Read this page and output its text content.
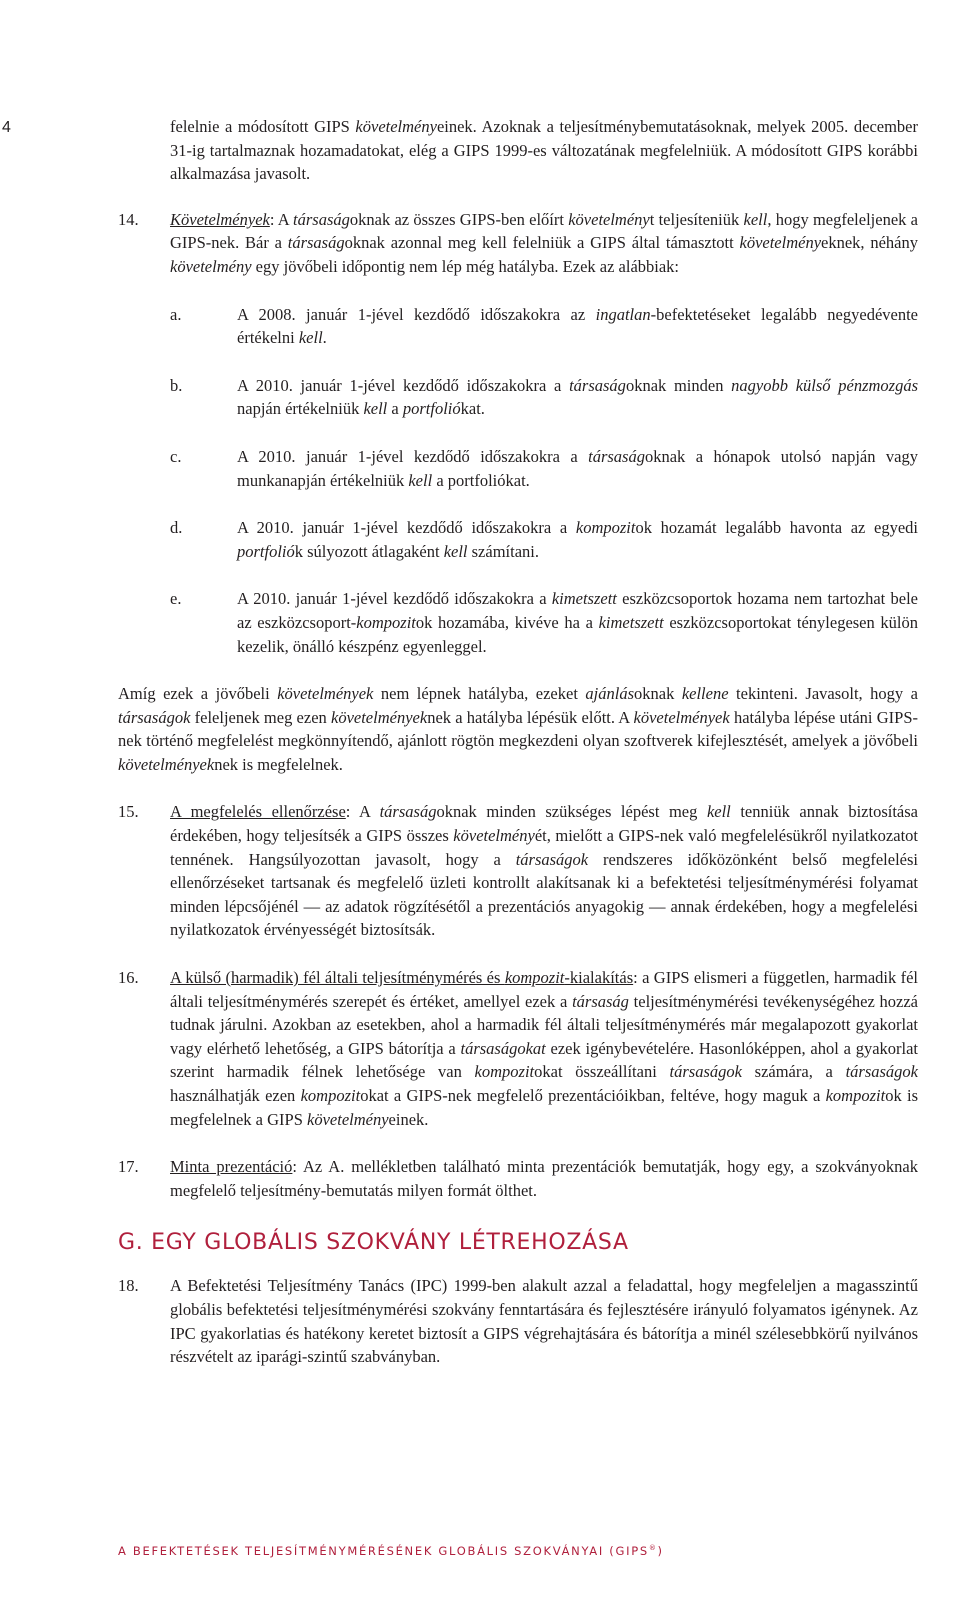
4	felelnie a módosított GIPS követelményeinek. Azoknak a teljesítménybemutatásoknak, melyek 2005. december 31-ig tartalmaznak hozamadatokat, elég a GIPS 1999-es változatának megfelelniük. A módosított GIPS korábbi alkalmazása javasolt.

14.	Követelmények: A társaságoknak az összes GIPS-ben előírt követelményt teljesíteniük kell, hogy megfeleljenek a GIPS-nek. Bár a társaságoknak azonnal meg kell felelniük a GIPS által támasztott követelményeknek, néhány követelmény egy jövőbeli időpontig nem lép még hatályba. Ezek az alábbiak:

a.	A 2008. január 1-jével kezdődő időszakokra az ingatlan-befektetéseket legalább negyedévente értékelni kell.

b.	A 2010. január 1-jével kezdődő időszakokra a társaságoknak minden nagyobb külső pénzmozgás napján értékelniük kell a portfoliókat.

c.	A 2010. január 1-jével kezdődő időszakokra a társaságoknak a hónapok utolsó napján vagy munkanapján értékelniük kell a portfoliókat.

d.	A 2010. január 1-jével kezdődő időszakokra a kompozitok hozamát legalább havonta az egyedi portfoliók súlyozott átlagaként kell számítani.

e.	A 2010. január 1-jével kezdődő időszakokra a kimetszett eszközcsoportok hozama nem tartozhat bele az eszközcsoport-kompozitok hozamába, kivéve ha a kimetszett eszközcsoportokat ténylegesen külön kezelik, önálló készpénz egyenleggel.

Amíg ezek a jövőbeli követelmények nem lépnek hatályba, ezeket ajánlásoknak kellene tekinteni. Javasolt, hogy a társaságok feleljenek meg ezen követelményeknek a hatályba lépésük előtt. A követelmények hatályba lépése utáni GIPS-nek történő megfelelést megkönnyítendő, ajánlott rögtön megkezdeni olyan szoftverek kifejlesztését, amelyek a jövőbeli követelményeknek is megfelelnek.

15.	A megfelelés ellenőrzése: A társaságoknak minden szükséges lépést meg kell tenniük annak biztosítása érdekében, hogy teljesítsék a GIPS összes követelményét, mielőtt a GIPS-nek való megfelelésükről nyilatkozatot tennének. Hangsúlyozottan javasolt, hogy a társaságok rendszeres időközönként belső megfelelési ellenőrzéseket tartsanak és megfelelő üzleti kontrollt alakítsanak ki a befektetési teljesítménymérési folyamat minden lépcsőjénél — az adatok rögzítésétől a prezentációs anyagokig — annak érdekében, hogy a megfelelési nyilatkozatok érvényességét biztosítsák.

16.	A külső (harmadik) fél általi teljesítménymérés és kompozit-kialakítás: a GIPS elismeri a független, harmadik fél általi teljesítménymérés szerepét és értéket, amellyel ezek a társaság teljesítménymérési tevékenységéhez hozzá tudnak járulni. Azokban az esetekben, ahol a harmadik fél általi teljesítménymérés már megalapozott gyakorlat vagy elérhető lehetőség, a GIPS bátorítja a társaságokat ezek igénybevételére. Hasonlóképpen, ahol a gyakorlat szerint harmadik félnek lehetősége van kompozitokat összeállítani társaságok számára, a társaságok használhatják ezen kompozitokat a GIPS-nek megfelelő prezentációikban, feltéve, hogy maguk a kompozitok is megfelelnek a GIPS követelményeinek.

17.	Minta prezentáció: Az A. mellékletben található minta prezentációk bemutatják, hogy egy, a szokványoknak megfelelő teljesítmény-bemutatás milyen formát ölthet.

G. EGY GLOBÁLIS SZOKVÁNY LÉTREHOZÁSA
18.	A Befektetési Teljesítmény Tanács (IPC) 1999-ben alakult azzal a feladattal, hogy megfeleljen a magasszintű globális befektetési teljesítménymérési szokvány fenntartására és fejlesztésére irányuló folyamatos igénynek. Az IPC gyakorlatias és hatékony keretet biztosít a GIPS végrehajtására és bátorítja a minél szélesebbkörű nyilvános részvételt az iparági-szintű szabványban.

A BEFEKTETÉSEK TELJESÍTMÉNYMÉRÉSÉNEK GLOBÁLIS SZOKVÁNYAI (GIPS®)
